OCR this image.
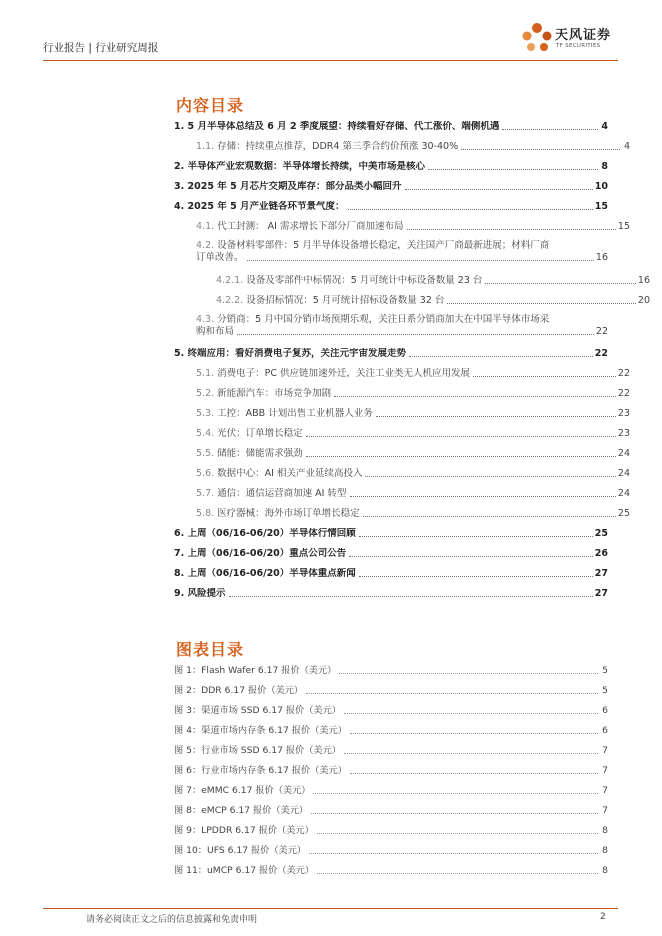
行业报告 | 行业研究周报
天风证券
TF SECURITIES
内容目录
1. 5 月半导体总结及 6 月 2 季度展望：持续看好存储、代工涨价、端侧机遇	4
1.1. 存储：持续重点推荐，DDR4 第三季合约价预涨 30-40%	4
2. 半导体产业宏观数据：半导体增长持续，中美市场是核心	8
3. 2025 年 5 月芯片交期及库存：部分品类小幅回升	10
4. 2025 年 5 月产业链各环节景气度：	15
4.1. 代工封测： AI 需求增长下部分厂商加速布局	15
4.2. 设备材料零部件：5 月半导体设备增长稳定，关注国产厂商最新进展；材料厂商
订单改善。	16
4.2.1. 设备及零部件中标情况：5 月可统计中标设备数量 23 台	16
4.2.2. 设备招标情况：5 月可统计招标设备数量 32 台	20
4.3. 分销商：5 月中国分销市场预期乐观，关注日系分销商加大在中国半导体市场采
购和布局	22
5. 终端应用：看好消费电子复苏，关注元宇宙发展走势	22
5.1. 消费电子：PC 供应链加速外迁，关注工业类无人机应用发展	22
5.2. 新能源汽车：市场竞争加剧	22
5.3. 工控：ABB 计划出售工业机器人业务	23
5.4. 光伏：订单增长稳定	23
5.5. 储能：储能需求强劲	24
5.6. 数据中心：AI 相关产业延续高投入	24
5.7. 通信：通信运营商加速 AI 转型	24
5.8. 医疗器械：海外市场订单增长稳定	25
6. 上周（06/16-06/20）半导体行情回顾	25
7. 上周（06/16-06/20）重点公司公告	26
8. 上周（06/16-06/20）半导体重点新闻	27
9. 风险提示	27
图表目录
图 1：Flash Wafer 6.17 报价（美元）	5
图 2：DDR 6.17 报价（美元）	5
图 3：渠道市场 SSD 6.17 报价（美元）	6
图 4：渠道市场内存条 6.17 报价（美元）	6
图 5：行业市场 SSD 6.17 报价（美元）	7
图 6：行业市场内存条 6.17 报价（美元）	7
图 7：eMMC 6.17 报价（美元）	7
图 8：eMCP 6.17 报价（美元）	7
图 9：LPDDR 6.17 报价（美元）	8
图 10：UFS 6.17 报价（美元）	8
图 11：uMCP 6.17 报价（美元）	8
请务必阅读正文之后的信息披露和免责申明	2
